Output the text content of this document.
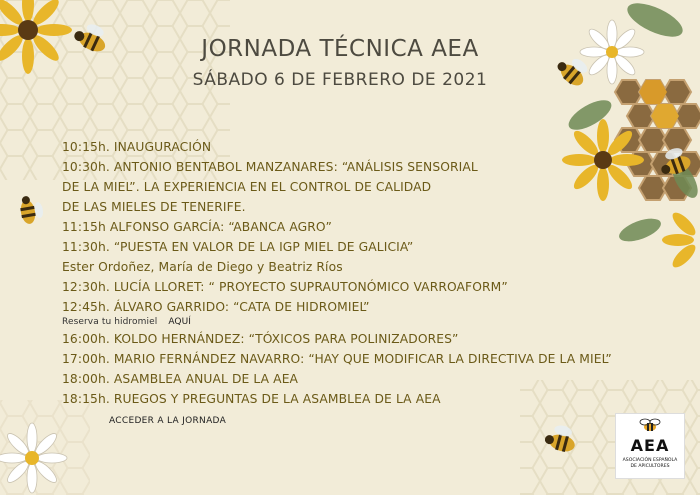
JORNADA TÉCNICA AEA
SÁBADO 6 DE FEBRERO DE 2021
10:15h. INAUGURACIÓN
10:30h. ANTONIO BENTABOL MANZANARES: “ANÁLISIS SENSORIAL
DE LA MIEL”. LA EXPERIENCIA EN EL CONTROL DE CALIDAD
DE LAS MIELES DE TENERIFE.
11:15h ALFONSO GARCÍA: “ABANCA AGRO”
11:30h. “PUESTA EN VALOR DE LA IGP MIEL DE GALICIA”
Ester Ordoñez, María de Diego y Beatriz Ríos
12:30h. LUCÍA LLORET: “ PROYECTO SUPRAUTONÓMICO VARROAFORM”
12:45h. ÁLVARO GARRIDO: “CATA DE HIDROMIEL”
Reserva tu hidromiel AQUÍ
16:00h. KOLDO HERNÁNDEZ: “TÓXICOS PARA POLINIZADORES”
17:00h. MARIO FERNÁNDEZ NAVARRO: “HAY QUE MODIFICAR LA DIRECTIVA DE LA MIEL”
18:00h. ASAMBLEA ANUAL DE LA AEA
18:15h. RUEGOS Y PREGUNTAS DE LA ASAMBLEA DE LA AEA
ACCEDER A LA JORNADA
AEA
ASOCIACIÓN ESPAÑOLA
DE APICULTORES
